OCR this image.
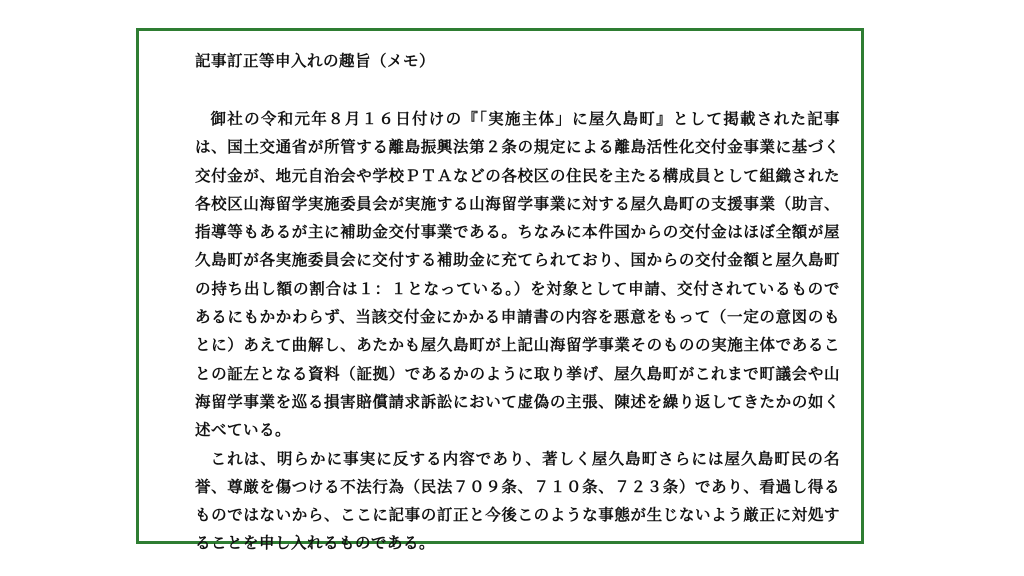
記事訂正等申入れの趣旨（メモ）

御社の令和元年８月１６日付けの『「実施主体」に屋久島町』として掲載された記事は、国土交通省が所管する離島振興法第２条の規定による離島活性化交付金事業に基づく交付金が、地元自治会や学校ＰＴＡなどの各校区の住民を主たる構成員として組織された各校区山海留学実施委員会が実施する山海留学事業に対する屋久島町の支援事業（助言、指導等もあるが主に補助金交付事業である。ちなみに本件国からの交付金はほぼ全額が屋久島町が各実施委員会に交付する補助金に充てられており、国からの交付金額と屋久島町の持ち出し額の割合は１：１となっている。）を対象として申請、交付されているものであるにもかかわらず、当該交付金にかかる申請書の内容を悪意をもって（一定の意図のもとに）あえて曲解し、あたかも屋久島町が上記山海留学事業そのものの実施主体であることの証左となる資料（証拠）であるかのように取り挙げ、屋久島町がこれまで町議会や山海留学事業を巡る損害賠償請求訴訟において虚偽の主張、陳述を繰り返してきたかの如く述べている。

これは、明らかに事実に反する内容であり、著しく屋久島町さらには屋久島町民の名誉、尊厳を傷つける不法行為（民法７０９条、７１０条、７２３条）であり、看過し得るものではないから、ここに記事の訂正と今後このような事態が生じないよう厳正に対処することを申し入れるものである。
